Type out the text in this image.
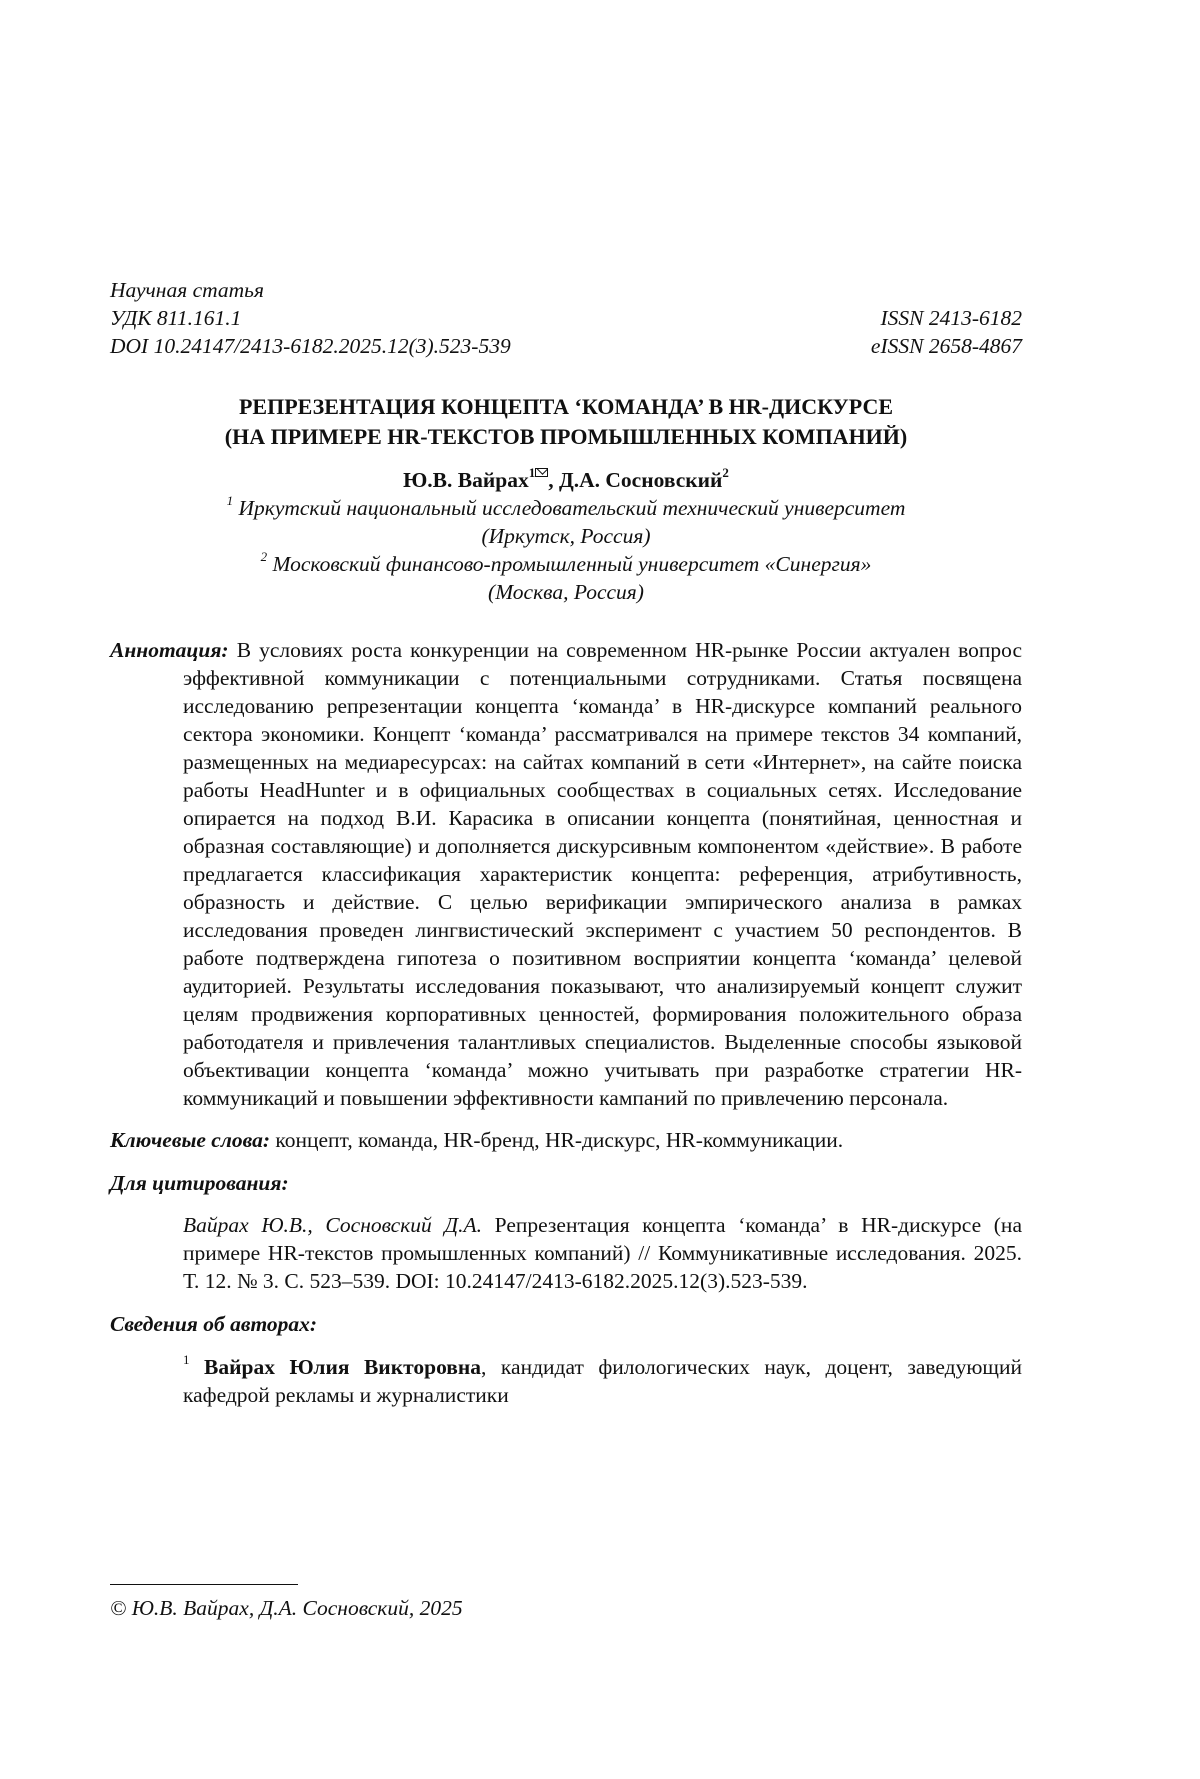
Научная статья
УДК 811.161.1	ISSN 2413-6182
DOI 10.24147/2413-6182.2025.12(3).523-539	eISSN 2658-4867
РЕПРЕЗЕНТАЦИЯ КОНЦЕПТА ‘КОМАНДА’ В HR-ДИСКУРСЕ
(НА ПРИМЕРЕ HR-ТЕКСТОВ ПРОМЫШЛЕННЫХ КОМПАНИЙ)
Ю.В. Вайрах$^1$ , Д.А. Сосновский$^2$
$^1$ Иркутский национальный исследовательский технический университет
(Иркутск, Россия)
$^2$ Московский финансово-промышленный университет «Синергия»
(Москва, Россия)
Аннотация: В условиях роста конкуренции на современном HR-рынке России актуален вопрос эффективной коммуникации с потенциальными сотрудниками. Статья посвящена исследованию репрезентации концепта ‘команда’ в HR-дискурсе компаний реального сектора экономики. Концепт ‘команда’ рассматривался на примере текстов 34 компаний, размещенных на медиаресурсах: на сайтах компаний в сети «Интернет», на сайте поиска работы HeadHunter и в официальных сообществах в социальных сетях. Исследование опирается на подход В.И. Карасика в описании концепта (понятийная, ценностная и образная составляющие) и дополняется дискурсивным компонентом «действие». В работе предлагается классификация характеристик концепта: референция, атрибутивность, образность и действие. С целью верификации эмпирического анализа в рамках исследования проведен лингвистический эксперимент с участием 50 респондентов. В работе подтверждена гипотеза о позитивном восприятии концепта ‘команда’ целевой аудиторией. Результаты исследования показывают, что анализируемый концепт служит целям продвижения корпоративных ценностей, формирования положительного образа работодателя и привлечения талантливых специалистов. Выделенные способы языковой объективации концепта ‘команда’ можно учитывать при разработке стратегии HR-коммуникаций и повышении эффективности кампаний по привлечению персонала.
Ключевые слова: концепт, команда, HR-бренд, HR-дискурс, HR-коммуникации.
Для цитирования:
Вайрах Ю.В., Сосновский Д.А. Репрезентация концепта ‘команда’ в HR-дискурсе (на примере HR-текстов промышленных компаний) // Коммуникативные исследования. 2025. Т. 12. № 3. С. 523–539. DOI: 10.24147/2413-6182.2025.12(3).523-539.
Сведения об авторах:
$^1$ Вайрах Юлия Викторовна, кандидат филологических наук, доцент, заведующий кафедрой рекламы и журналистики
© Ю.В. Вайрах, Д.А. Сосновский, 2025
